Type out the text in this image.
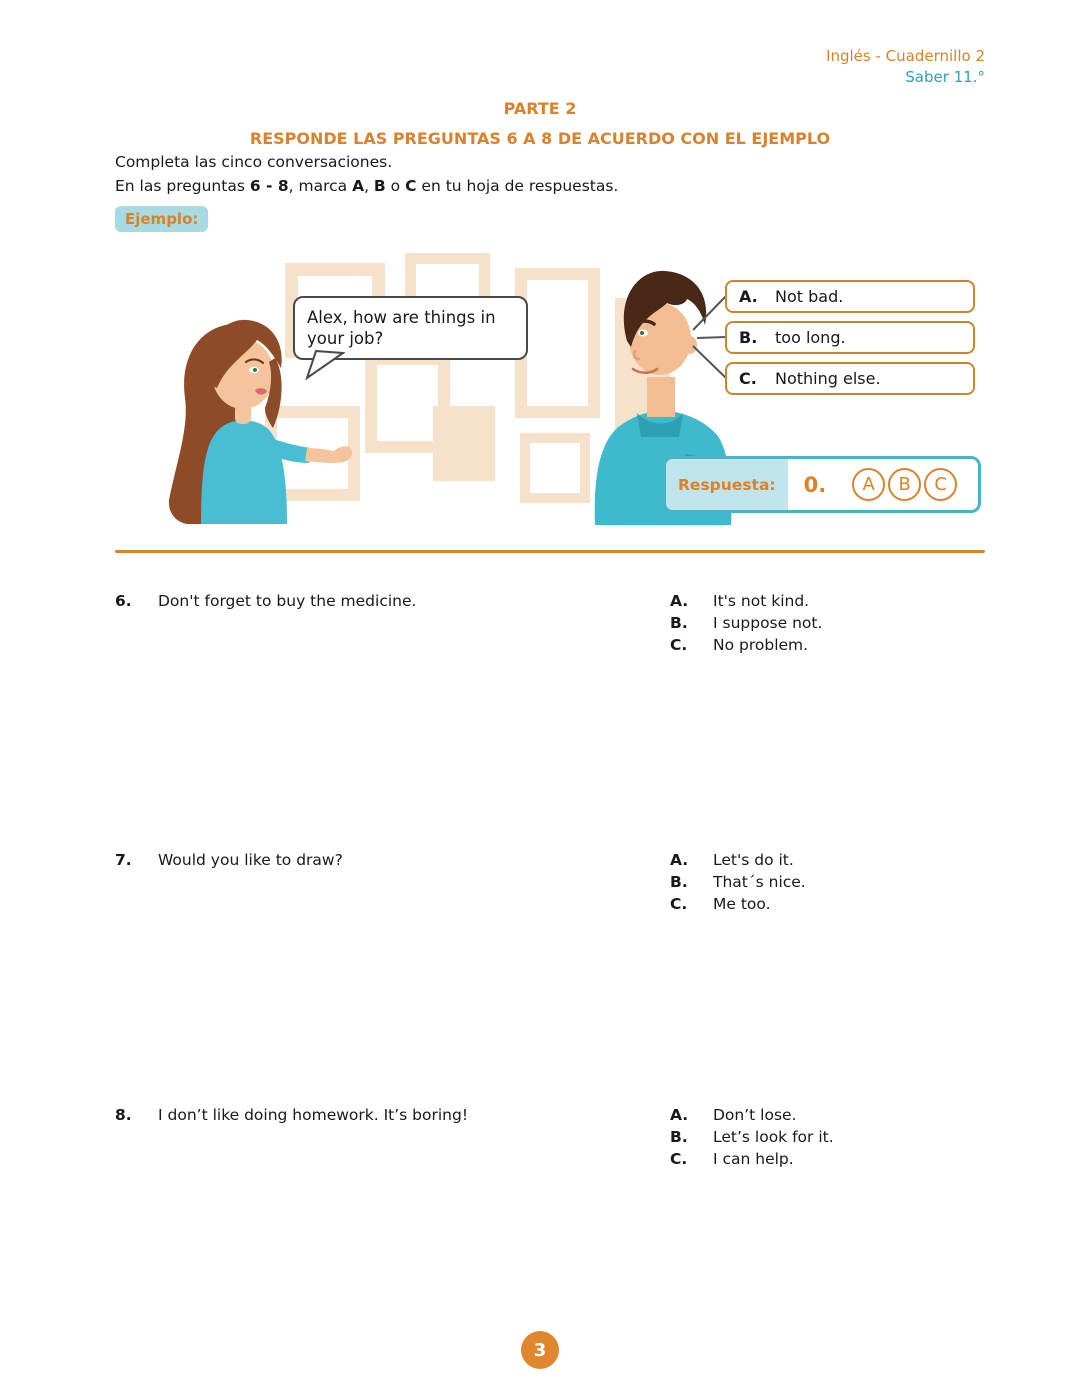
Inglés - Cuadernillo 2
Saber 11.°
PARTE 2
RESPONDE LAS PREGUNTAS 6 A 8 DE ACUERDO CON EL EJEMPLO

Completa las cinco conversaciones.

En las preguntas 6 - 8, marca A, B o C en tu hoja de respuestas.

Ejemplo:
Alex, how are things in your job?
A.	Not bad.
B.	too long.
C.	Nothing else.
Respuesta:	0.	A	B	C
6. Don't forget to buy the medicine.	A.	It's not kind.
B.	I suppose not.
C.	No problem.
7. Would you like to draw?	A.	Let's do it.
B.	That´s nice.
C.	Me too.
8. I don’t like doing homework. It’s boring!	A.	Don’t lose.
B.	Let’s look for it.
C.	I can help.
3
